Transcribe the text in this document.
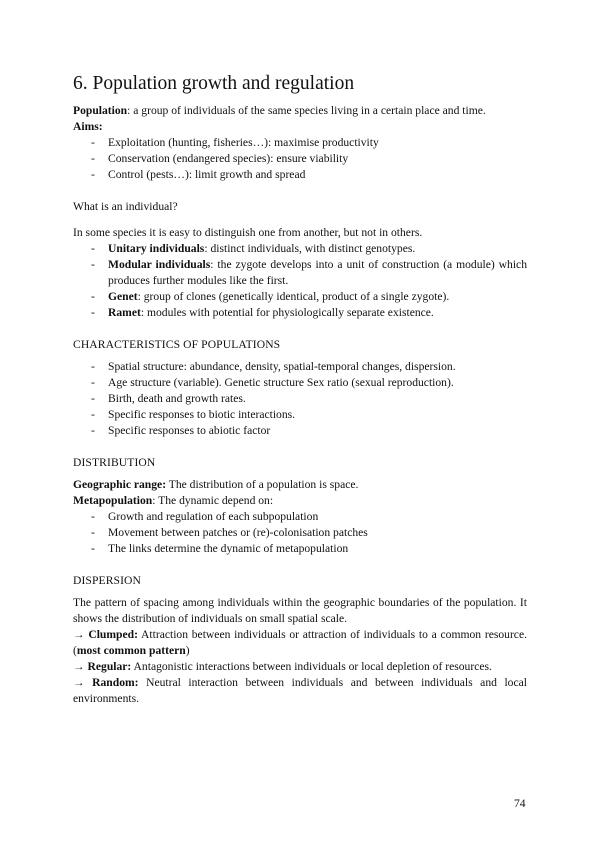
6. Population growth and regulation

Population: a group of individuals of the same species living in a certain place and time.

Aims:

- Exploitation (hunting, fisheries…): maximise productivity
- Conservation (endangered species): ensure viability
- Control (pests…): limit growth and spread

What is an individual?

In some species it is easy to distinguish one from another, but not in others.

- Unitary individuals: distinct individuals, with distinct genotypes.
- Modular individuals: the zygote develops into a unit of construction (a module) which produces further modules like the first.
- Genet: group of clones (genetically identical, product of a single zygote).
- Ramet: modules with potential for physiologically separate existence.

CHARACTERISTICS OF POPULATIONS

- Spatial structure: abundance, density, spatial-temporal changes, dispersion.
- Age structure (variable). Genetic structure Sex ratio (sexual reproduction).
- Birth, death and growth rates.
- Specific responses to biotic interactions.
- Specific responses to abiotic factor

DISTRIBUTION

Geographic range: The distribution of a population is space.

Metapopulation: The dynamic depend on:

- Growth and regulation of each subpopulation
- Movement between patches or (re)-colonisation patches
- The links determine the dynamic of metapopulation

DISPERSION

The pattern of spacing among individuals within the geographic boundaries of the population. It shows the distribution of individuals on small spatial scale.

→ Clumped: Attraction between individuals or attraction of individuals to a common resource. (most common pattern)

→ Regular: Antagonistic interactions between individuals or local depletion of resources.

→ Random: Neutral interaction between individuals and between individuals and local environments.

74
